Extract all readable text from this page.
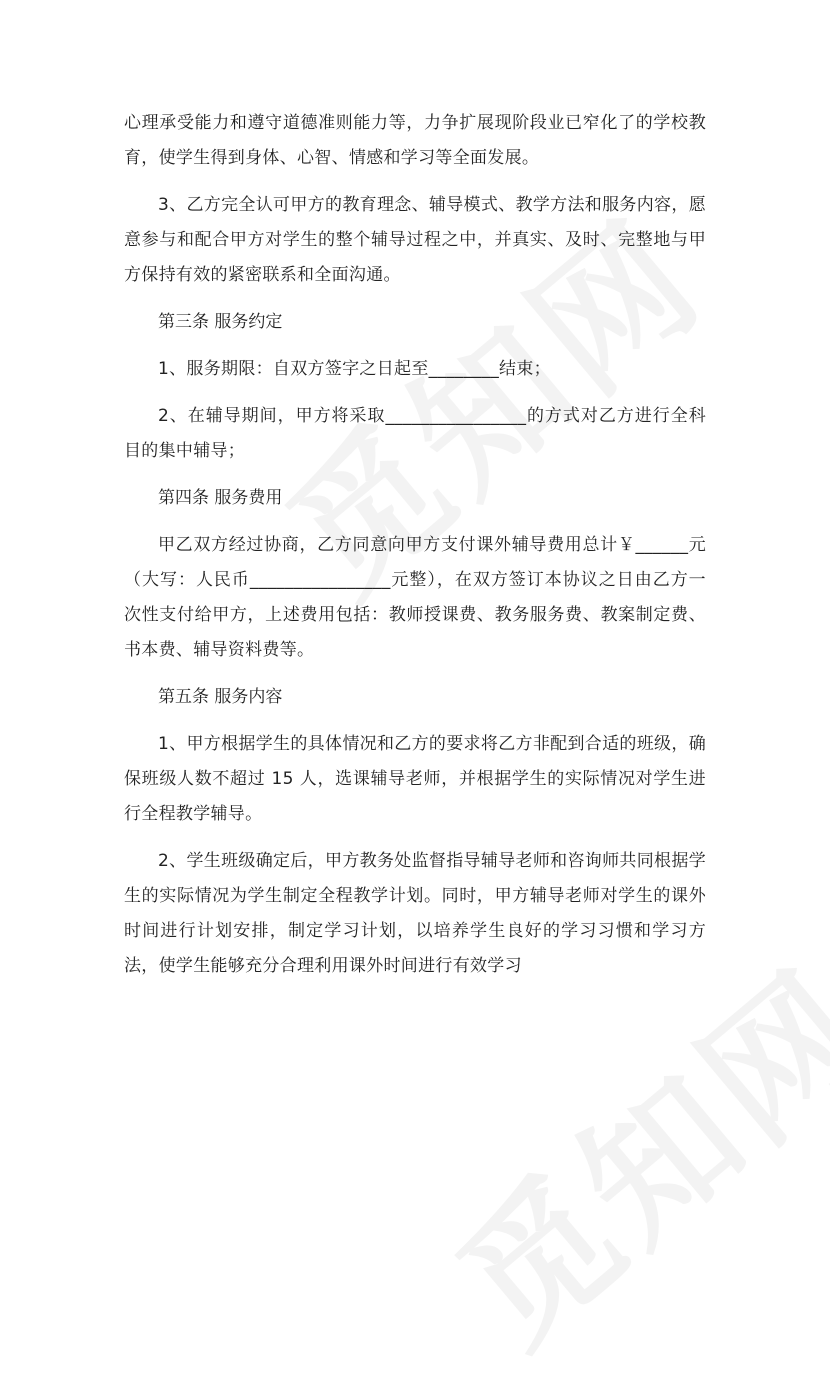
心理承受能力和遵守道德准则能力等，力争扩展现阶段业已窄化了的学校教育，使学生得到身体、心智、情感和学习等全面发展。

3、乙方完全认可甲方的教育理念、辅导模式、教学方法和服务内容，愿意参与和配合甲方对学生的整个辅导过程之中，并真实、及时、完整地与甲方保持有效的紧密联系和全面沟通。

第三条 服务约定

1、服务期限：自双方签字之日起至________结束；

2、在辅导期间，甲方将采取________________的方式对乙方进行全科目的集中辅导；

第四条 服务费用

甲乙双方经过协商，乙方同意向甲方支付课外辅导费用总计￥______元（大写：人民币________________元整），在双方签订本协议之日由乙方一次性支付给甲方，上述费用包括：教师授课费、教务服务费、教案制定费、书本费、辅导资料费等。

第五条 服务内容

1、甲方根据学生的具体情况和乙方的要求将乙方非配到合适的班级，确保班级人数不超过 15 人，选课辅导老师，并根据学生的实际情况对学生进行全程教学辅导。

2、学生班级确定后，甲方教务处监督指导辅导老师和咨询师共同根据学生的实际情况为学生制定全程教学计划。同时，甲方辅导老师对学生的课外时间进行计划安排，制定学习计划，以培养学生良好的学习习惯和学习方法，使学生能够充分合理利用课外时间进行有效学习
